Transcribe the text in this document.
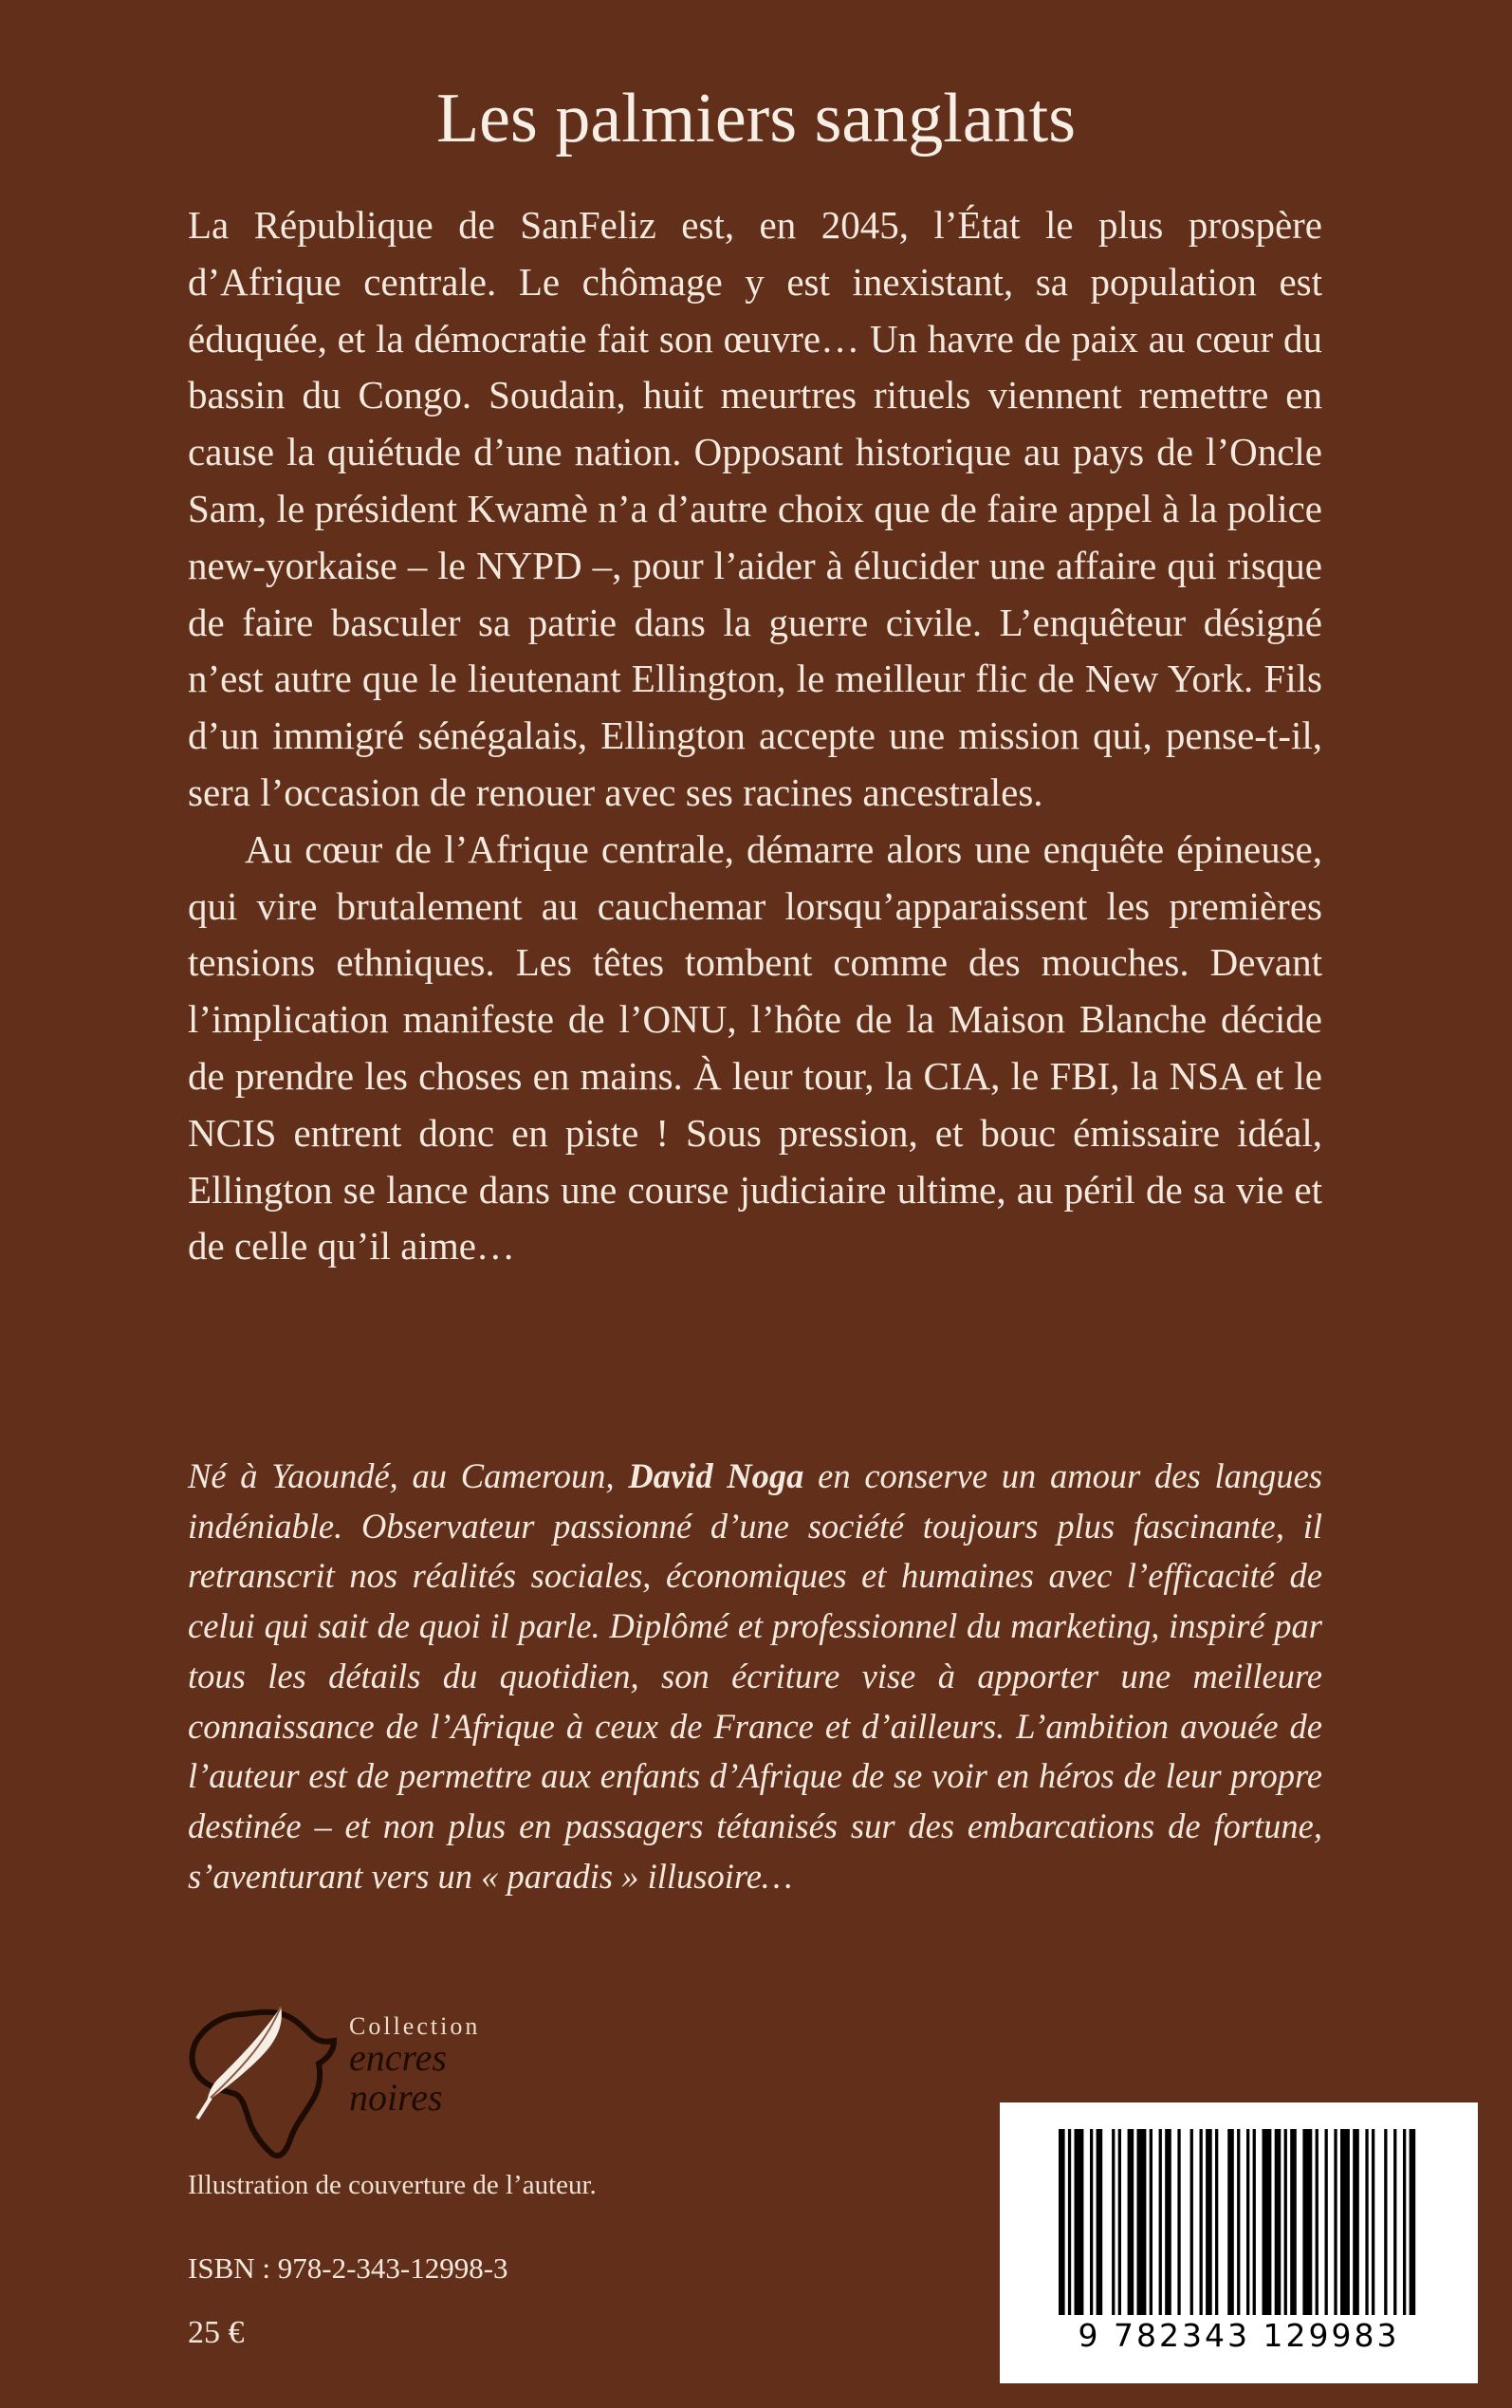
Les palmiers sanglants

La République de SanFeliz est, en 2045, l’État le plus prospère d’Afrique centrale. Le chômage y est inexistant, sa population est éduquée, et la démocratie fait son œuvre… Un havre de paix au cœur du bassin du Congo. Soudain, huit meurtres rituels viennent remettre en cause la quiétude d’une nation. Opposant historique au pays de l’Oncle Sam, le président Kwamè n’a d’autre choix que de faire appel à la police new-yorkaise – le NYPD –, pour l’aider à élucider une affaire qui risque de faire basculer sa patrie dans la guerre civile. L’enquêteur désigné n’est autre que le lieutenant Ellington, le meilleur flic de New York. Fils d’un immigré sénégalais, Ellington accepte une mission qui, pense-t-il, sera l’occasion de renouer avec ses racines ancestrales.

Au cœur de l’Afrique centrale, démarre alors une enquête épineuse, qui vire brutalement au cauchemar lorsqu’apparaissent les premières tensions ethniques. Les têtes tombent comme des mouches. Devant l’implication manifeste de l’ONU, l’hôte de la Maison Blanche décide de prendre les choses en mains. À leur tour, la CIA, le FBI, la NSA et le NCIS entrent donc en piste ! Sous pression, et bouc émissaire idéal, Ellington se lance dans une course judiciaire ultime, au péril de sa vie et de celle qu’il aime…

Né à Yaoundé, au Cameroun, David Noga en conserve un amour des langues indéniable. Observateur passionné d’une société toujours plus fascinante, il retranscrit nos réalités sociales, économiques et humaines avec l’efficacité de celui qui sait de quoi il parle. Diplômé et professionnel du marketing, inspiré par tous les détails du quotidien, son écriture vise à apporter une meilleure connaissance de l’Afrique à ceux de France et d’ailleurs. L’ambition avouée de l’auteur est de permettre aux enfants d’Afrique de se voir en héros de leur propre destinée – et non plus en passagers tétanisés sur des embarcations de fortune, s’aventurant vers un « paradis » illusoire…

Collection
encres
noires
Illustration de couverture de l’auteur.
ISBN : 978-2-343-12998-3
25 €	9 782343 129983
